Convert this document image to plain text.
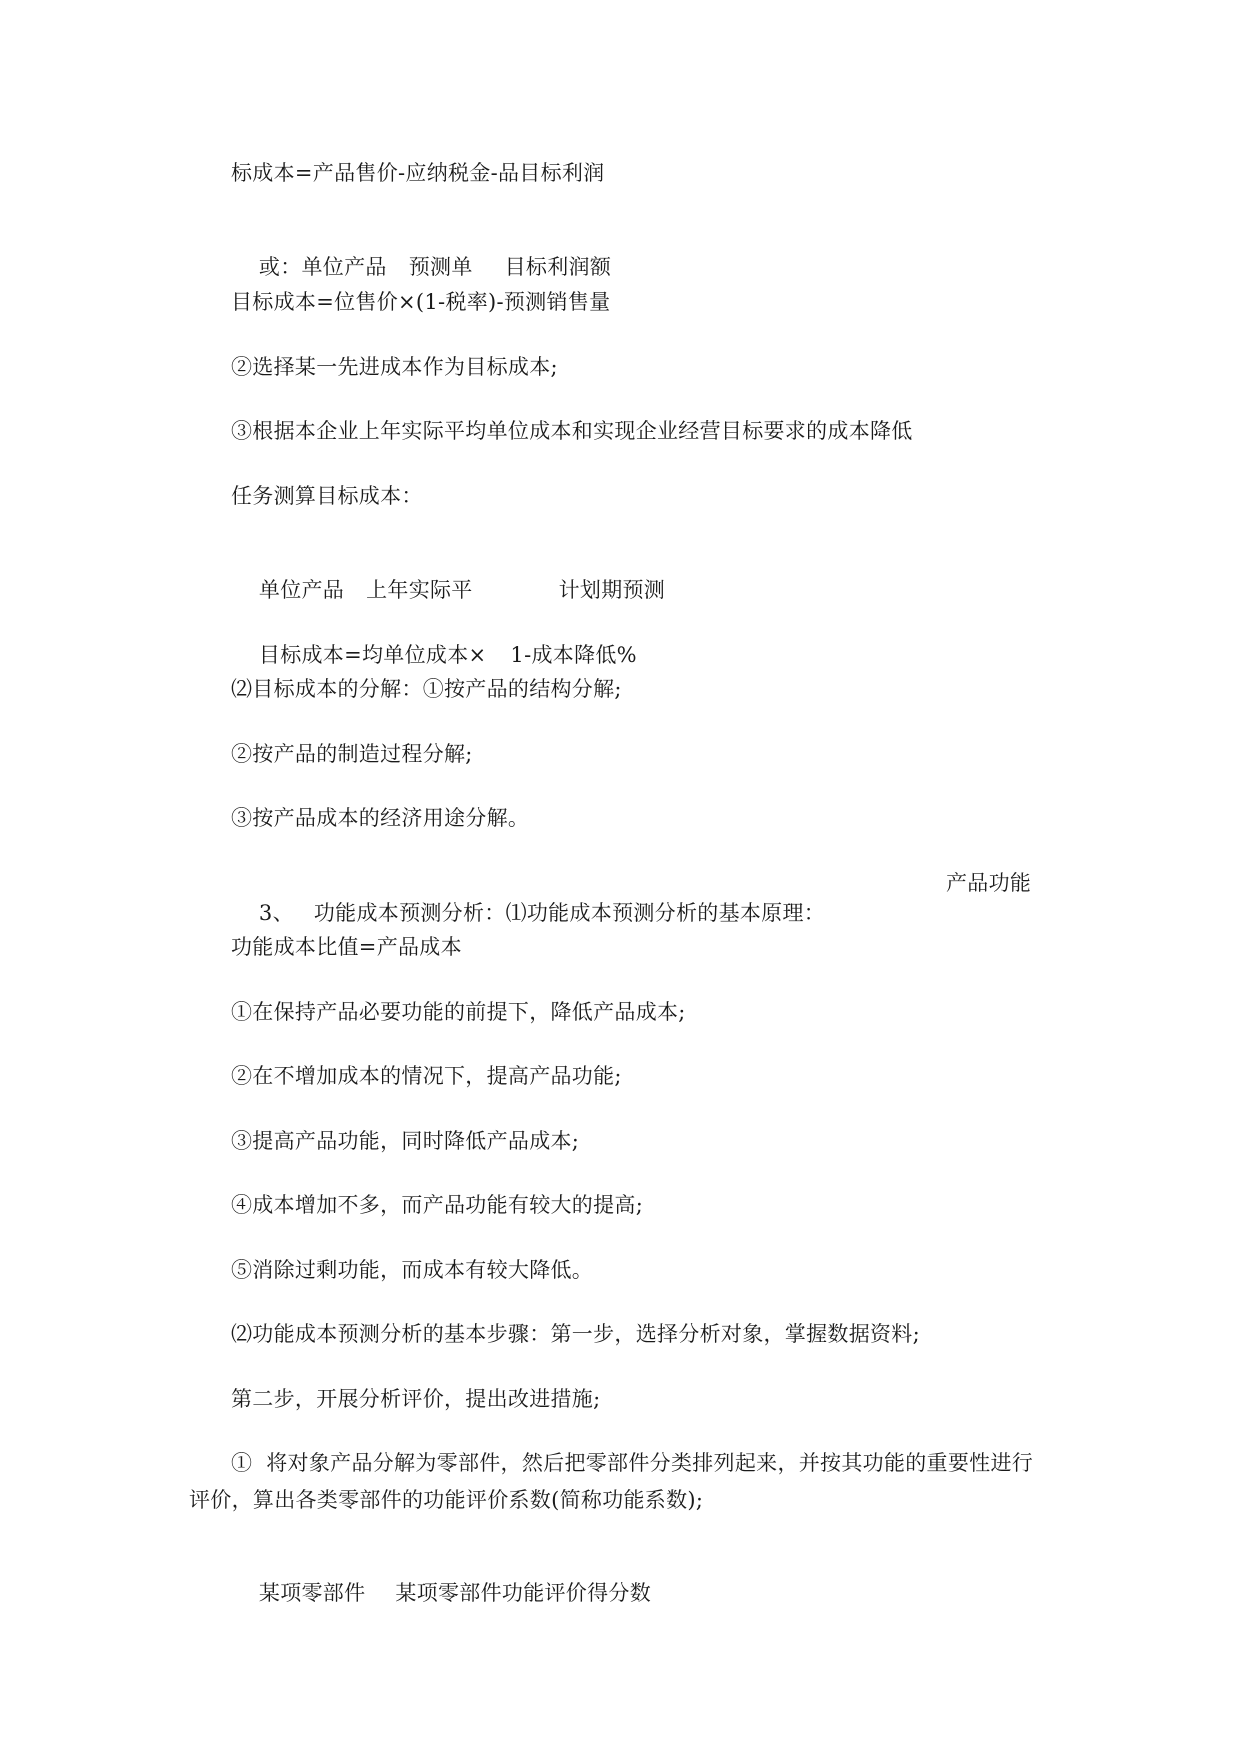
标成本=产品售价-应纳税金-品目标利润

或：单位产品 预测单 目标利润额

目标成本=位售价×(1-税率)-预测销售量
②选择某一先进成本作为目标成本;
③根据本企业上年实际平均单位成本和实现企业经营目标要求的成本降低
任务测算目标成本：

单位产品 上年实际平	计划期预测

目标成本=均单位成本× 1-成本降低%

⑵目标成本的分解：①按产品的结构分解;
②按产品的制造过程分解;
③按产品成本的经济用途分解。

3、 功能成本预测分析：⑴功能成本预测分析的基本原理：

产品功能
功能成本比值=产品成本
①在保持产品必要功能的前提下，降低产品成本;
②在不增加成本的情况下，提高产品功能;
③提高产品功能，同时降低产品成本;
④成本增加不多，而产品功能有较大的提高;
⑤消除过剩功能，而成本有较大降低。
⑵功能成本预测分析的基本步骤：第一步，选择分析对象，掌握数据资料;
第二步，开展分析评价，提出改进措施;
①  将对象产品分解为零部件，然后把零部件分类排列起来，并按其功能的重要性进行
评价，算出各类零部件的功能评价系数(简称功能系数);

某项零部件 某项零部件功能评价得分数
